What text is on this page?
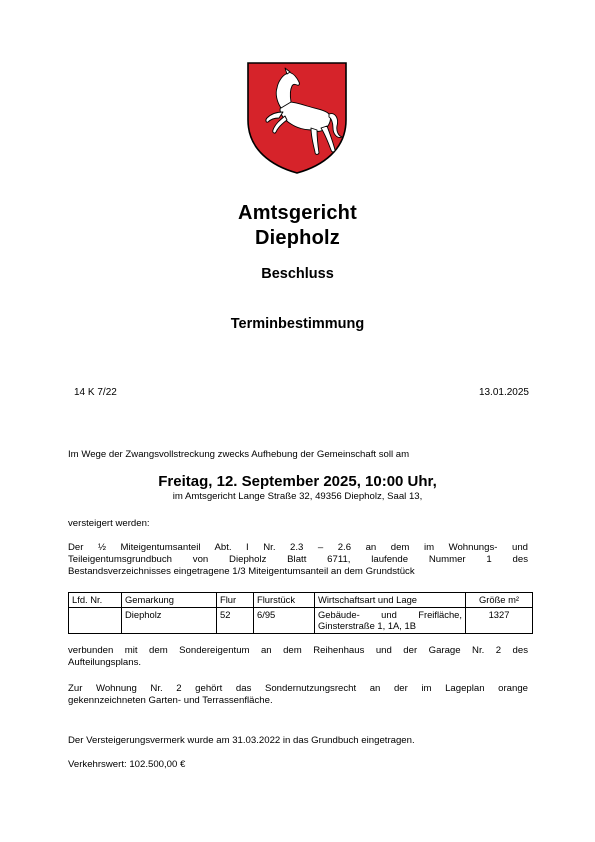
Amtsgericht
Diepholz
Beschluss
Terminbestimmung
14 K 7/22	13.01.2025
Im Wege der Zwangsvollstreckung zwecks Aufhebung der Gemeinschaft soll am
Freitag, 12. September 2025, 10:00 Uhr,
im Amtsgericht Lange Straße 32, 49356 Diepholz, Saal 13,
versteigert werden:
Der ½ Miteigentumsanteil Abt. I Nr. 2.3 – 2.6 an dem im Wohnungs- und
Teileigentumsgrundbuch von Diepholz Blatt 6711, laufende Nummer 1 des
Bestandsverzeichnisses eingetragene 1/3 Miteigentumsanteil an dem Grundstück
Lfd. Nr.	Gemarkung	Flur	Flurstück	Wirtschaftsart und Lage	Größe m²
	Diepholz	52	6/95	Gebäude- und Freifläche,
Ginsterstraße 1, 1A, 1B	1327
verbunden mit dem Sondereigentum an dem Reihenhaus und der Garage Nr. 2 des
Aufteilungsplans.
Zur Wohnung Nr. 2 gehört das Sondernutzungsrecht an der im Lageplan orange
gekennzeichneten Garten- und Terrassenfläche.
Der Versteigerungsvermerk wurde am 31.03.2022 in das Grundbuch eingetragen.
Verkehrswert: 102.500,00 €
